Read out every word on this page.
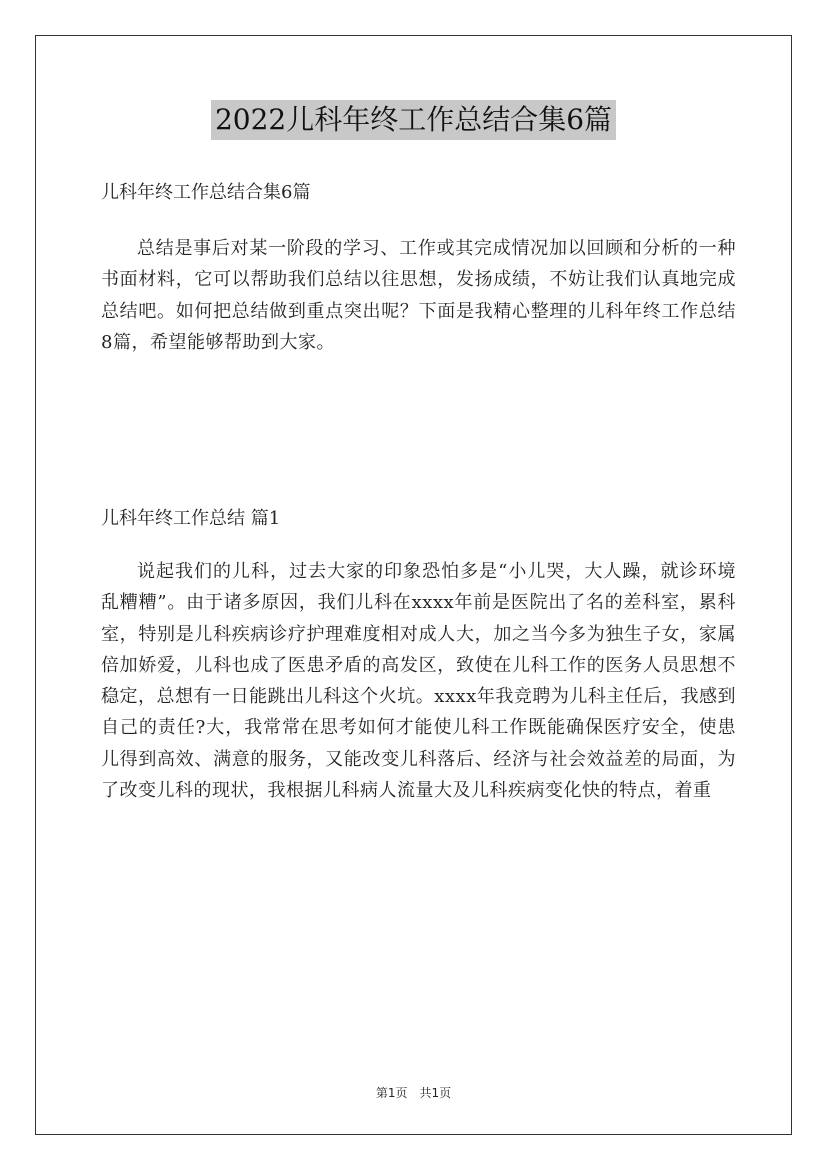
2022儿科年终工作总结合集6篇
儿科年终工作总结合集6篇

总结是事后对某一阶段的学习、工作或其完成情况加以回顾和分析的一种书面材料，它可以帮助我们总结以往思想，发扬成绩，不妨让我们认真地完成总结吧。如何把总结做到重点突出呢？下面是我精心整理的儿科年终工作总结8篇，希望能够帮助到大家。

儿科年终工作总结 篇1

说起我们的儿科，过去大家的印象恐怕多是“小儿哭，大人躁，就诊环境乱糟糟”。由于诸多原因，我们儿科在xxxx年前是医院出了名的差科室，累科室，特别是儿科疾病诊疗护理难度相对成人大，加之当今多为独生子女，家属倍加娇爱，儿科也成了医患矛盾的高发区，致使在儿科工作的医务人员思想不稳定，总想有一日能跳出儿科这个火坑。xxxx年我竞聘为儿科主任后，我感到自己的责任?大，我常常在思考如何才能使儿科工作既能确保医疗安全，使患儿得到高效、满意的服务，又能改变儿科落后、经济与社会效益差的局面，为了改变儿科的现状，我根据儿科病人流量大及儿科疾病变化快的特点，着重

第1页　共1页
